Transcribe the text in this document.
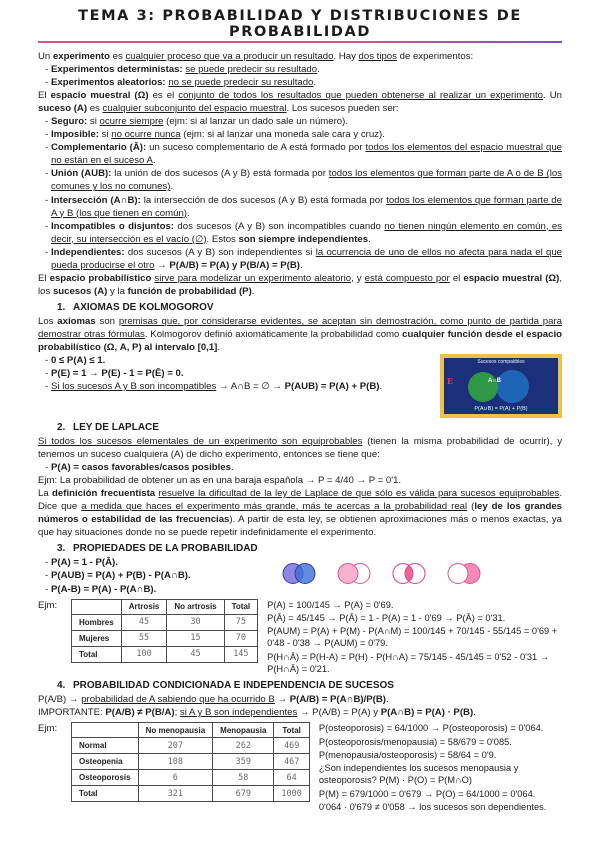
TEMA 3: PROBABILIDAD Y DISTRIBUCIONES DE PROBABILIDAD

Un experimento es cualquier proceso que va a producir un resultado. Hay dos tipos de experimentos:

- Experimentos deterministas: se puede predecir su resultado.

- Experimentos aleatorios: no se puede predecir su resultado.

El espacio muestral (Ω) es el conjunto de todos los resultados que pueden obtenerse al realizar un experimento. Un suceso (A) es cualquier subconjunto del espacio muestral. Los sucesos pueden ser:

- Seguro: si ocurre siempre (ejm: si al lanzar un dado sale un número).

- Imposible: si no ocurre nunca (ejm: si al lanzar una moneda sale cara y cruz).

- Complementario (Ā): un suceso complementario de A está formado por todos los elementos del espacio muestral que no están en el suceso A.

- Unión (AUB): la unión de dos sucesos (A y B) está formada por todos los elementos que forman parte de A o de B (los comunes y los no comunes).

- Intersección (A∩B): la intersección de dos sucesos (A y B) está formada por todos los elementos que forman parte de A y B (los que tienen en común).

- Incompatibles o disjuntos: dos sucesos (A y B) son incompatibles cuando no tienen ningún elemento en común, es decir, su intersección es el vacío (∅). Estos son siempre independientes.

- Independientes: dos sucesos (A y B) son independientes si la ocurrencia de uno de ellos no afecta para nada el que pueda producirse el otro → P(A/B) = P(A) y P(B/A) = P(B).

El espacio probabilístico sirve para modelizar un experimento aleatorio, y está compuesto por el espacio muestral (Ω), los sucesos (A) y la función de probabilidad (P).

1. AXIOMAS DE KOLMOGOROV

Los axiomas son premisas que, por considerarse evidentes, se aceptan sin demostración, como punto de partida para demostrar otras fórmulas. Kolmogorov definió axiomáticamente la probabilidad como cualquier función desde el espacio probabilístico (Ω, A, P) al intervalo [0,1].

- 0 ≤ P(A) ≤ 1.

- P(E) = 1 → P(E) - 1 = P(Ē) = 0.

- Si los sucesos A y B son incompatibles → A∩B = ∅ → P(AUB) = P(A) + P(B).

Sucesos compatibles
E	A∩B
P(A∪B) = P(A) + P(B)
2. LEY DE LAPLACE

Si todos los sucesos elementales de un experimento son equiprobables (tienen la misma probabilidad de ocurrir), y tenemos un suceso cualquiera (A) de dicho experimento, entonces se tiene que:

- P(A) = casos favorables/casos posibles.

Ejm: La probabilidad de obtener un as en una baraja española → P = 4/40 → P = 0'1.

La definición frecuentista resuelve la dificultad de la ley de Laplace de que sólo es válida para sucesos equiprobables. Dice que a medida que haces el experimento más grande, más te acercas a la probabilidad real (ley de los grandes números o estabilidad de las frecuencias). A partir de esta ley, se obtienen aproximaciones más o menos exactas, ya que hay situaciones donde no se puede repetir indefinidamente el experimento.

3. PROPIEDADES DE LA PROBABILIDAD
- P(A) = 1 - P(Ā).

- P(AUB) = P(A) + P(B) - P(A∩B).

- P(A-B) = P(A) - P(A∩B).

Ejm:
		Artrosis	No artrosis	Total
Hombres	45	30	75
Mujeres	55	15	70
Total	100	45	145

P(A) = 100/145 → P(A) = 0'69.

P(Ā) = 45/145 → P(Ā) = 1 - P(A) = 1 - 0'69 → P(Ā) = 0'31.

P(AUM) = P(A) + P(M) - P(A∩M) = 100/145 + 70/145 - 55/145 = 0'69 + 0'48 - 0'38 → P(AUM) = 0'79.

P(H∩Ā) = P(H-A) = P(H) - P(H∩A) = 75/145 - 45/145 = 0'52 - 0'31 → P(H∩Ā) = 0'21.

4. PROBABILIDAD CONDICIONADA E INDEPENDENCIA DE SUCESOS

P(A/B) → probabilidad de A sabiendo que ha ocurrido B → P(A/B) = P(A∩B)/P(B).

IMPORTANTE: P(A/B) ≠ P(B/A); si A y B son independientes → P(A/B) = P(A) y P(A∩B) = P(A) · P(B).

Ejm:
		No menopausia	Menopausia	Total
Normal	207	262	469
Osteopenia	108	359	467
Osteoporosis	6	58	64
Total	321	679	1000

P(osteoporosis) = 64/1000 → P(osteoporosis) = 0'064.

P(osteoporosis/menopausia) = 58/679 = 0'085.

P(menopausia/osteoporosis) = 58/64 = 0'9.

¿Son independientes los sucesos menopausia y osteoporosis? P(M) · P(O) = P(M∩O)

P(M) = 679/1000 = 0'679 → P(O) = 64/1000 = 0'064.

0'064 · 0'679 ≠ 0'058 → los sucesos son dependientes.
